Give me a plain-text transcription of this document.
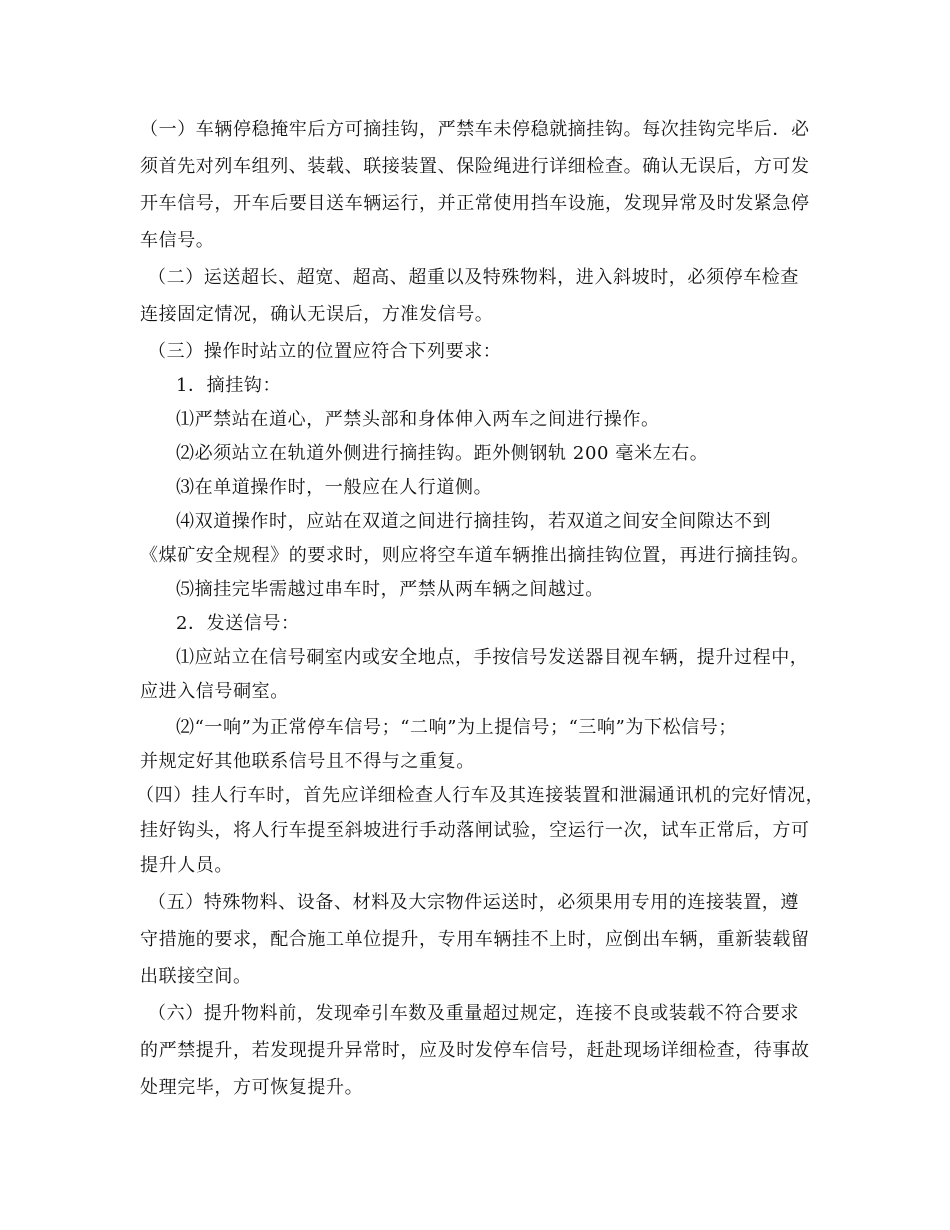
（一）车辆停稳掩牢后方可摘挂钩，严禁车未停稳就摘挂钩。每次挂钩完毕后．必
须首先对列车组列、装载、联接装置、保险绳进行详细检查。确认无误后，方可发
开车信号，开车后要目送车辆运行，并正常使用挡车设施，发现异常及时发紧急停
车信号。
（二）运送超长、超宽、超高、超重以及特殊物料，进入斜坡时，必须停车检查
连接固定情况，确认无误后，方准发信号。
（三）操作时站立的位置应符合下列要求：
1．摘挂钩：
⑴严禁站在道心，严禁头部和身体伸入两车之间进行操作。
⑵必须站立在轨道外侧进行摘挂钩。距外侧钢轨 200 毫米左右。
⑶在单道操作时，一般应在人行道侧。
⑷双道操作时，应站在双道之间进行摘挂钩，若双道之间安全间隙达不到
《煤矿安全规程》的要求时，则应将空车道车辆推出摘挂钩位置，再进行摘挂钩。
⑸摘挂完毕需越过串车时，严禁从两车辆之间越过。
2．发送信号：
⑴应站立在信号硐室内或安全地点，手按信号发送器目视车辆，提升过程中，
应进入信号硐室。
⑵“一响”为正常停车信号；“二响”为上提信号；“三响”为下松信号；
并规定好其他联系信号且不得与之重复。
（四）挂人行车时，首先应详细检查人行车及其连接装置和泄漏通讯机的完好情况，
挂好钩头，将人行车提至斜坡进行手动落闸试验，空运行一次，试车正常后，方可
提升人员。
（五）特殊物料、设备、材料及大宗物件运送时，必须果用专用的连接装置，遵
守措施的要求，配合施工单位提升，专用车辆挂不上时，应倒出车辆，重新装载留
出联接空间。
（六）提升物料前，发现牵引车数及重量超过规定，连接不良或装载不符合要求
的严禁提升，若发现提升异常时，应及时发停车信号，赶赴现场详细检查，待事故
处理完毕，方可恢复提升。
